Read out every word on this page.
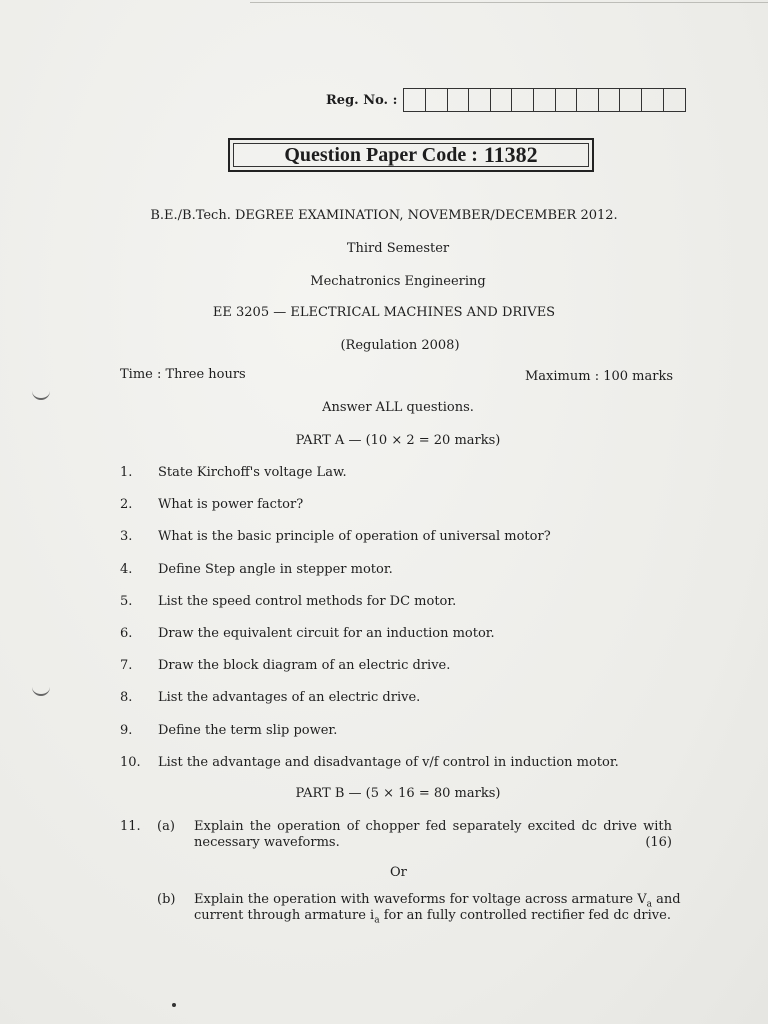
Reg. No. :
Question Paper Code : 11382
B.E./B.Tech. DEGREE EXAMINATION, NOVEMBER/DECEMBER 2012.
Third Semester
Mechatronics Engineering
EE 3205 — ELECTRICAL MACHINES AND DRIVES
(Regulation 2008)
Time : Three hours	Maximum : 100 marks
Answer ALL questions.
PART A — (10 × 2 = 20 marks)
1. State Kirchoff's voltage Law.
2. What is power factor?
3. What is the basic principle of operation of universal motor?
4. Define Step angle in stepper motor.
5. List the speed control methods for DC motor.
6. Draw the equivalent circuit for an induction motor.
7. Draw the block diagram of an electric drive.
8. List the advantages of an electric drive.
9. Define the term slip power.
10. List the advantage and disadvantage of v/f control in induction motor.
PART B — (5 × 16 = 80 marks)
11. (a) Explain the operation of chopper fed separately excited dc drive with
necessary waveforms.	(16)
Or
(b) Explain the operation with waveforms for voltage across armature $V_a$ and
current through armature $i_a$ for an fully controlled rectifier fed dc drive.
